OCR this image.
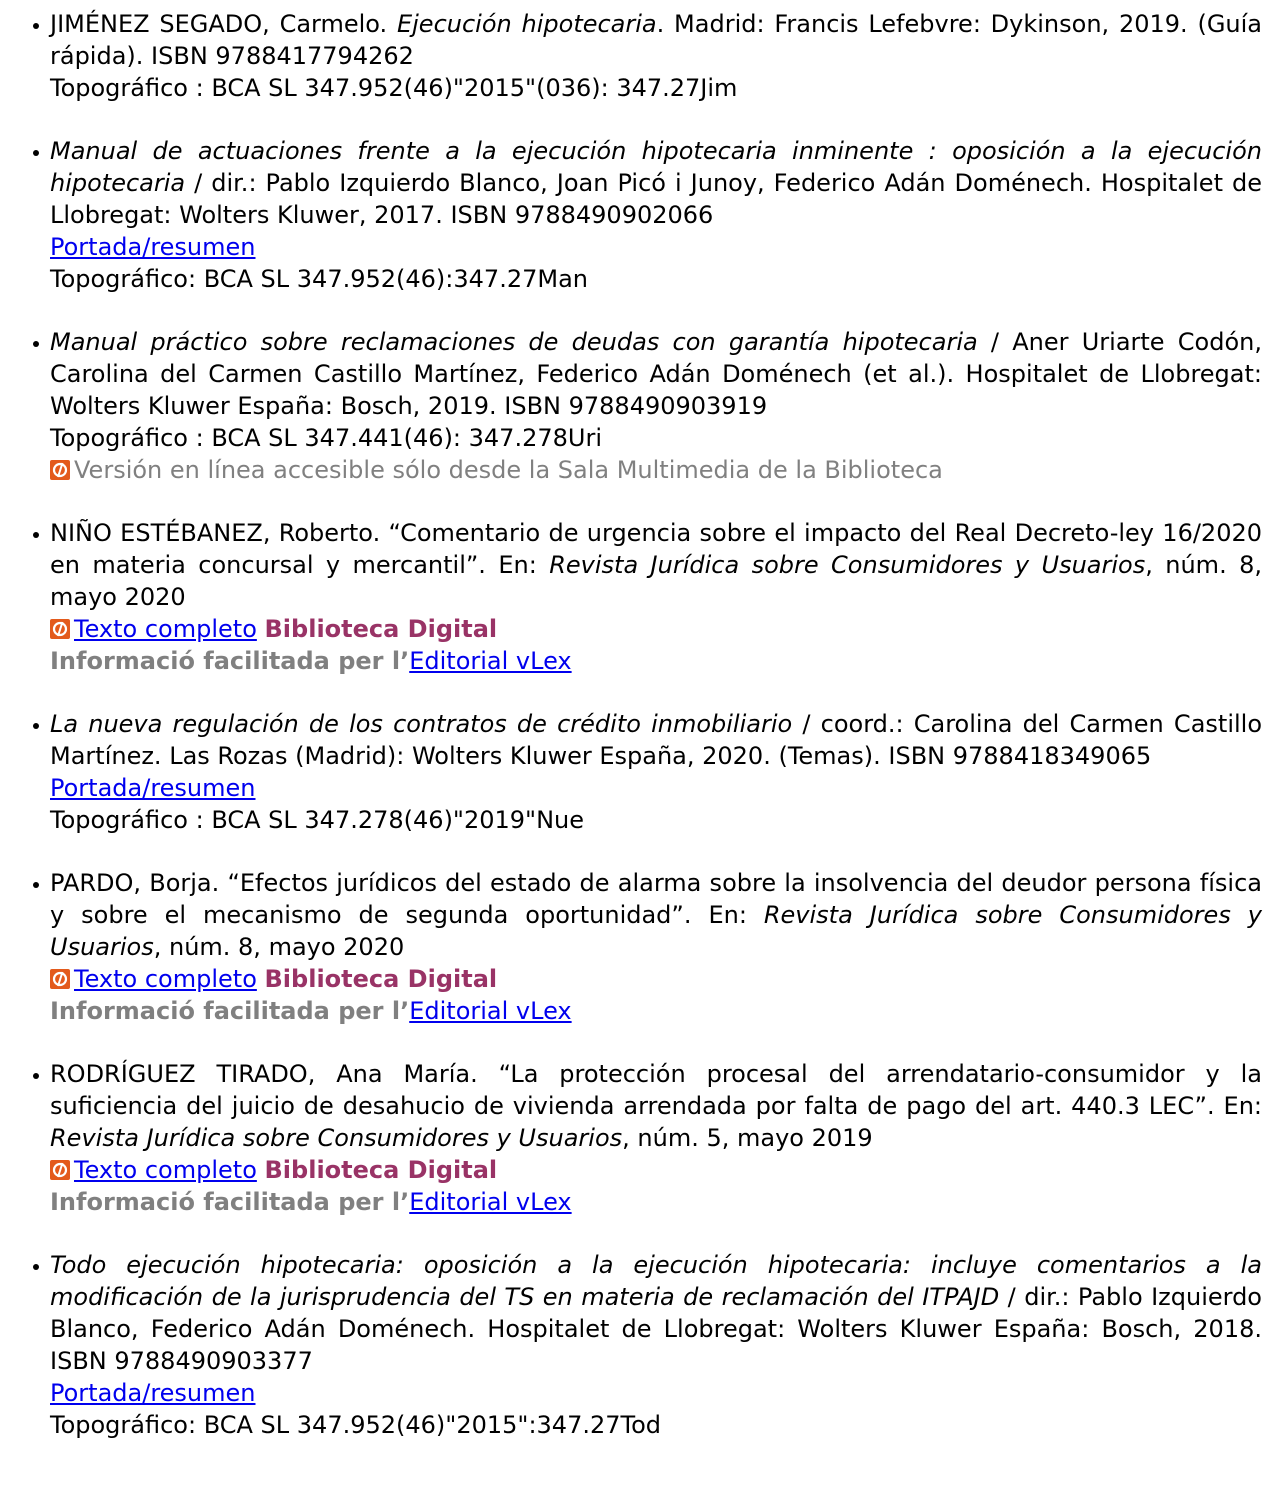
JIMÉNEZ SEGADO, Carmelo. Ejecución hipotecaria. Madrid: Francis Lefebvre: Dykinson, 2019. (Guía rápida). ISBN 9788417794262
Topográfico : BCA SL 347.952(46)"2015"(036): 347.27Jim
Manual de actuaciones frente a la ejecución hipotecaria inminente : oposición a la ejecución hipotecaria / dir.: Pablo Izquierdo Blanco, Joan Picó i Junoy, Federico Adán Doménech. Hospitalet de Llobregat: Wolters Kluwer, 2017. ISBN 9788490902066
Portada/resumen
Topográfico: BCA SL 347.952(46):347.27Man
Manual práctico sobre reclamaciones de deudas con garantía hipotecaria / Aner Uriarte Codón, Carolina del Carmen Castillo Martínez, Federico Adán Doménech (et al.). Hospitalet de Llobregat: Wolters Kluwer España: Bosch, 2019. ISBN 9788490903919
Topográfico : BCA SL 347.441(46): 347.278Uri
Versión en línea accesible sólo desde la Sala Multimedia de la Biblioteca
NIÑO ESTÉBANEZ, Roberto. “Comentario de urgencia sobre el impacto del Real Decreto-ley 16/2020 en materia concursal y mercantil”. En: Revista Jurídica sobre Consumidores y Usuarios, núm. 8, mayo 2020
Texto completo Biblioteca Digital
Informació facilitada per l’Editorial vLex
La nueva regulación de los contratos de crédito inmobiliario / coord.: Carolina del Carmen Castillo Martínez. Las Rozas (Madrid): Wolters Kluwer España, 2020. (Temas). ISBN 9788418349065
Portada/resumen
Topográfico : BCA SL 347.278(46)"2019"Nue
PARDO, Borja. “Efectos jurídicos del estado de alarma sobre la insolvencia del deudor persona física y sobre el mecanismo de segunda oportunidad”. En: Revista Jurídica sobre Consumidores y Usuarios, núm. 8, mayo 2020
Texto completo Biblioteca Digital
Informació facilitada per l’Editorial vLex
RODRÍGUEZ TIRADO, Ana María. “La protección procesal del arrendatario-consumidor y la suficiencia del juicio de desahucio de vivienda arrendada por falta de pago del art. 440.3 LEC”. En: Revista Jurídica sobre Consumidores y Usuarios, núm. 5, mayo 2019
Texto completo Biblioteca Digital
Informació facilitada per l’Editorial vLex
Todo ejecución hipotecaria: oposición a la ejecución hipotecaria: incluye comentarios a la modificación de la jurisprudencia del TS en materia de reclamación del ITPAJD / dir.: Pablo Izquierdo Blanco, Federico Adán Doménech. Hospitalet de Llobregat: Wolters Kluwer España: Bosch, 2018. ISBN 9788490903377
Portada/resumen
Topográfico: BCA SL 347.952(46)"2015":347.27Tod
